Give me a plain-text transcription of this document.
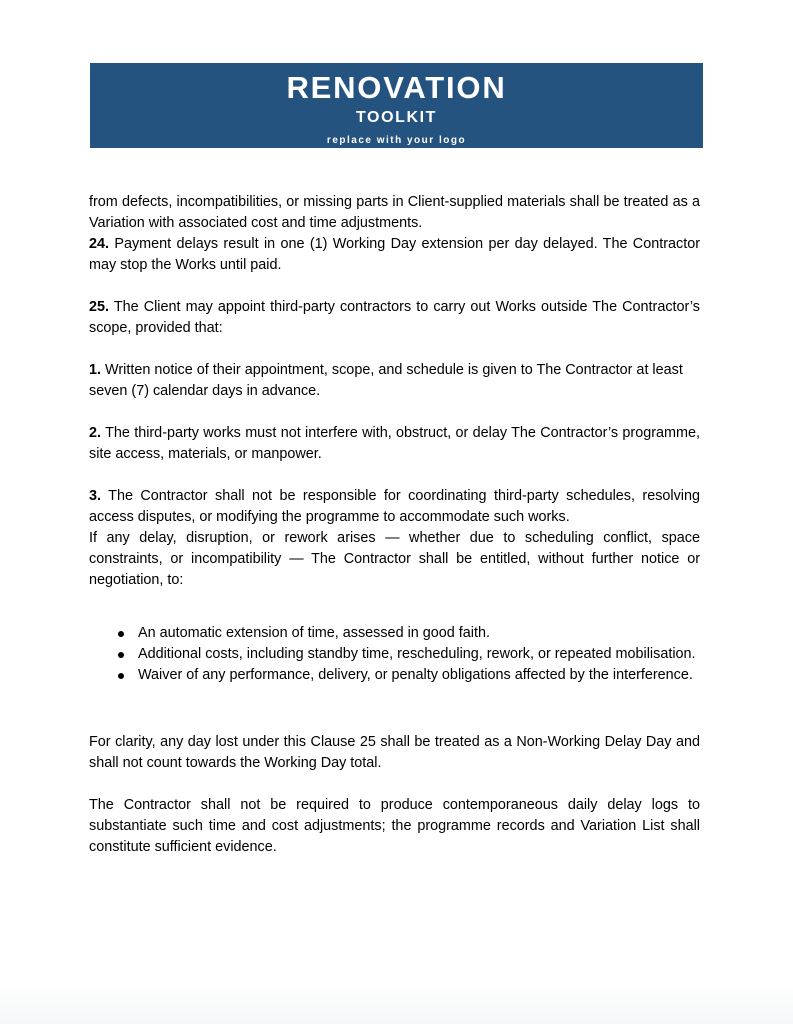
RENOVATION
TOOLKIT
replace with your logo

from defects, incompatibilities, or missing parts in Client-supplied materials shall be treated as a Variation with associated cost and time adjustments.

24. Payment delays result in one (1) Working Day extension per day delayed. The Contractor may stop the Works until paid.

25. The Client may appoint third-party contractors to carry out Works outside The Contractor’s scope, provided that:

1. Written notice of their appointment, scope, and schedule is given to The Contractor at least seven (7) calendar days in advance.

2. The third-party works must not interfere with, obstruct, or delay The Contractor’s programme, site access, materials, or manpower.

3. The Contractor shall not be responsible for coordinating third-party schedules, resolving access disputes, or modifying the programme to accommodate such works.

If any delay, disruption, or rework arises — whether due to scheduling conflict, space constraints, or incompatibility — The Contractor shall be entitled, without further notice or negotiation, to:

An automatic extension of time, assessed in good faith.
Additional costs, including standby time, rescheduling, rework, or repeated mobilisation.
Waiver of any performance, delivery, or penalty obligations affected by the interference.

For clarity, any day lost under this Clause 25 shall be treated as a Non-Working Delay Day and shall not count towards the Working Day total.

The Contractor shall not be required to produce contemporaneous daily delay logs to substantiate such time and cost adjustments; the programme records and Variation List shall constitute sufficient evidence.
